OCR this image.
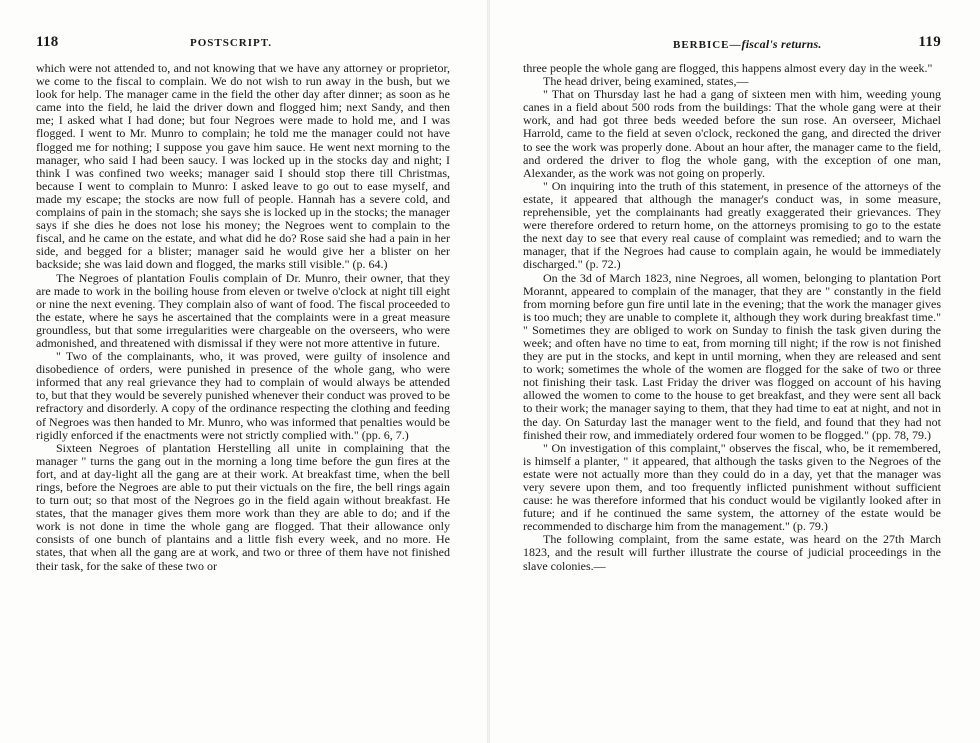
118	POSTSCRIPT.

which were not attended to, and not knowing that we have any attorney or proprietor, we come to the fiscal to complain. We do not wish to run away in the bush, but we look for help. The manager came in the field the other day after dinner; as soon as he came into the field, he laid the driver down and flogged him; next Sandy, and then me; I asked what I had done; but four Negroes were made to hold me, and I was flogged. I went to Mr. Munro to complain; he told me the manager could not have flogged me for nothing; I suppose you gave him sauce. He went next morning to the manager, who said I had been saucy. I was locked up in the stocks day and night; I think I was confined two weeks; manager said I should stop there till Christmas, because I went to complain to Munro: I asked leave to go out to ease myself, and made my escape; the stocks are now full of people. Hannah has a severe cold, and complains of pain in the stomach; she says she is locked up in the stocks; the manager says if she dies he does not lose his money; the Negroes went to complain to the fiscal, and he came on the estate, and what did he do? Rose said she had a pain in her side, and begged for a blister; manager said he would give her a blister on her backside; she was laid down and flogged, the marks still visible." (p. 64.)

The Negroes of plantation Foulis complain of Dr. Munro, their owner, that they are made to work in the boiling house from eleven or twelve o'clock at night till eight or nine the next evening. They complain also of want of food. The fiscal proceeded to the estate, where he says he ascertained that the complaints were in a great measure groundless, but that some irregularities were chargeable on the overseers, who were admonished, and threatened with dismissal if they were not more attentive in future.

" Two of the complainants, who, it was proved, were guilty of insolence and disobedience of orders, were punished in presence of the whole gang, who were informed that any real grievance they had to complain of would always be attended to, but that they would be severely punished whenever their conduct was proved to be refractory and disorderly. A copy of the ordinance respecting the clothing and feeding of Negroes was then handed to Mr. Munro, who was informed that penalties would be rigidly enforced if the enactments were not strictly complied with." (pp. 6, 7.)

Sixteen Negroes of plantation Herstelling all unite in complaining that the manager " turns the gang out in the morning a long time before the gun fires at the fort, and at day-light all the gang are at their work. At breakfast time, when the bell rings, before the Negroes are able to put their victuals on the fire, the bell rings again to turn out; so that most of the Negroes go in the field again without breakfast. He states, that the manager gives them more work than they are able to do; and if the work is not done in time the whole gang are flogged. That their allowance only consists of one bunch of plantains and a little fish every week, and no more. He states, that when all the gang are at work, and two or three of them have not finished their task, for the sake of these two or

BERBICE—fiscal's returns.	119

three people the whole gang are flogged, this happens almost every day in the week."

The head driver, being examined, states,—

" That on Thursday last he had a gang of sixteen men with him, weeding young canes in a field about 500 rods from the buildings: That the whole gang were at their work, and had got three beds weeded before the sun rose. An overseer, Michael Harrold, came to the field at seven o'clock, reckoned the gang, and directed the driver to see the work was properly done. About an hour after, the manager came to the field, and ordered the driver to flog the whole gang, with the exception of one man, Alexander, as the work was not going on properly.

" On inquiring into the truth of this statement, in presence of the attorneys of the estate, it appeared that although the manager's conduct was, in some measure, reprehensible, yet the complainants had greatly exaggerated their grievances. They were therefore ordered to return home, on the attorneys promising to go to the estate the next day to see that every real cause of complaint was remedied; and to warn the manager, that if the Negroes had cause to complain again, he would be immediately discharged." (p. 72.)

On the 3d of March 1823, nine Negroes, all women, belonging to plantation Port Morannt, appeared to complain of the manager, that they are " constantly in the field from morning before gun fire until late in the evening; that the work the manager gives is too much; they are unable to complete it, although they work during breakfast time." " Sometimes they are obliged to work on Sunday to finish the task given during the week; and often have no time to eat, from morning till night; if the row is not finished they are put in the stocks, and kept in until morning, when they are released and sent to work; sometimes the whole of the women are flogged for the sake of two or three not finishing their task. Last Friday the driver was flogged on account of his having allowed the women to come to the house to get breakfast, and they were sent all back to their work; the manager saying to them, that they had time to eat at night, and not in the day. On Saturday last the manager went to the field, and found that they had not finished their row, and immediately ordered four women to be flogged." (pp. 78, 79.)

" On investigation of this complaint," observes the fiscal, who, be it remembered, is himself a planter, " it appeared, that although the tasks given to the Negroes of the estate were not actually more than they could do in a day, yet that the manager was very severe upon them, and too frequently inflicted punishment without sufficient cause: he was therefore informed that his conduct would be vigilantly looked after in future; and if he continued the same system, the attorney of the estate would be recommended to discharge him from the management." (p. 79.)

The following complaint, from the same estate, was heard on the 27th March 1823, and the result will further illustrate the course of judicial proceedings in the slave colonies.—
